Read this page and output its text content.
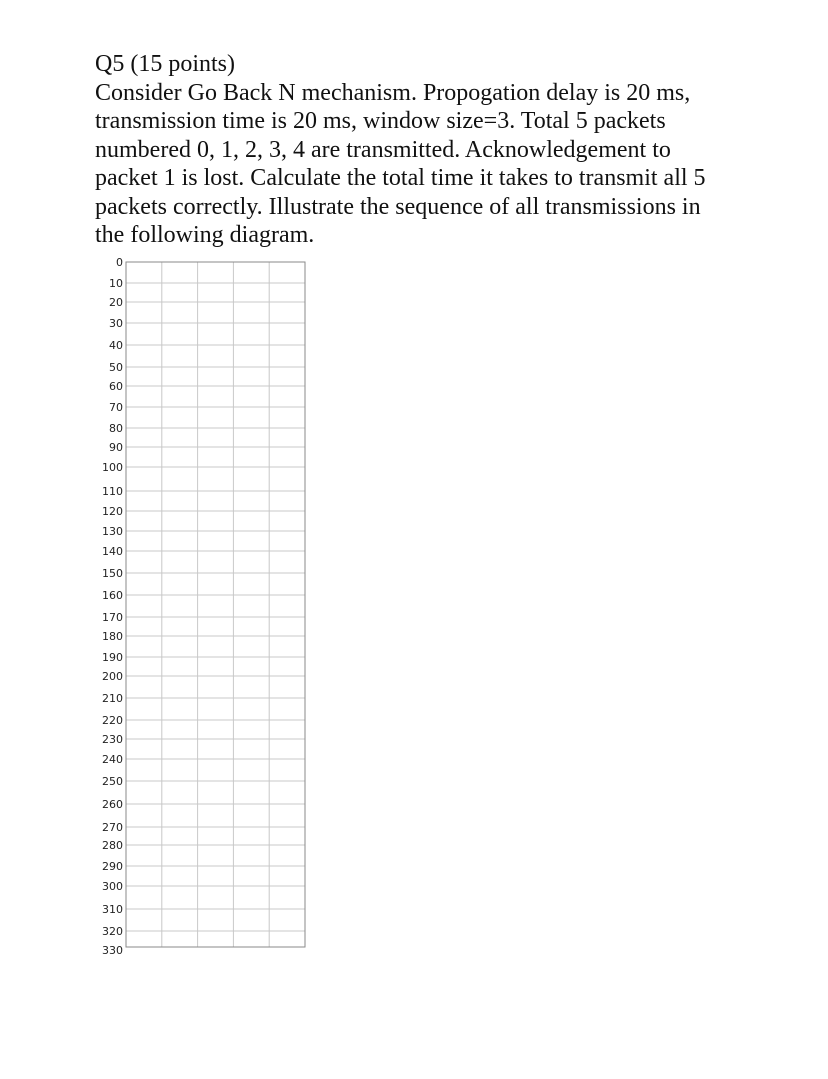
Q5 (15 points)
Consider Go Back N mechanism. Propogation delay is 20 ms,
transmission time is 20 ms, window size=3. Total 5 packets
numbered 0, 1, 2, 3, 4 are transmitted. Acknowledgement to
packet 1 is lost. Calculate the total time it takes to transmit all 5
packets correctly. Illustrate the sequence of all transmissions in
the following diagram.
0
10
20
30
40
50
60
70
80
90
100
110
120
130
140
150
160
170
180
190
200
210
220
230
240
250
260
270
280
290
300
310
320
330
